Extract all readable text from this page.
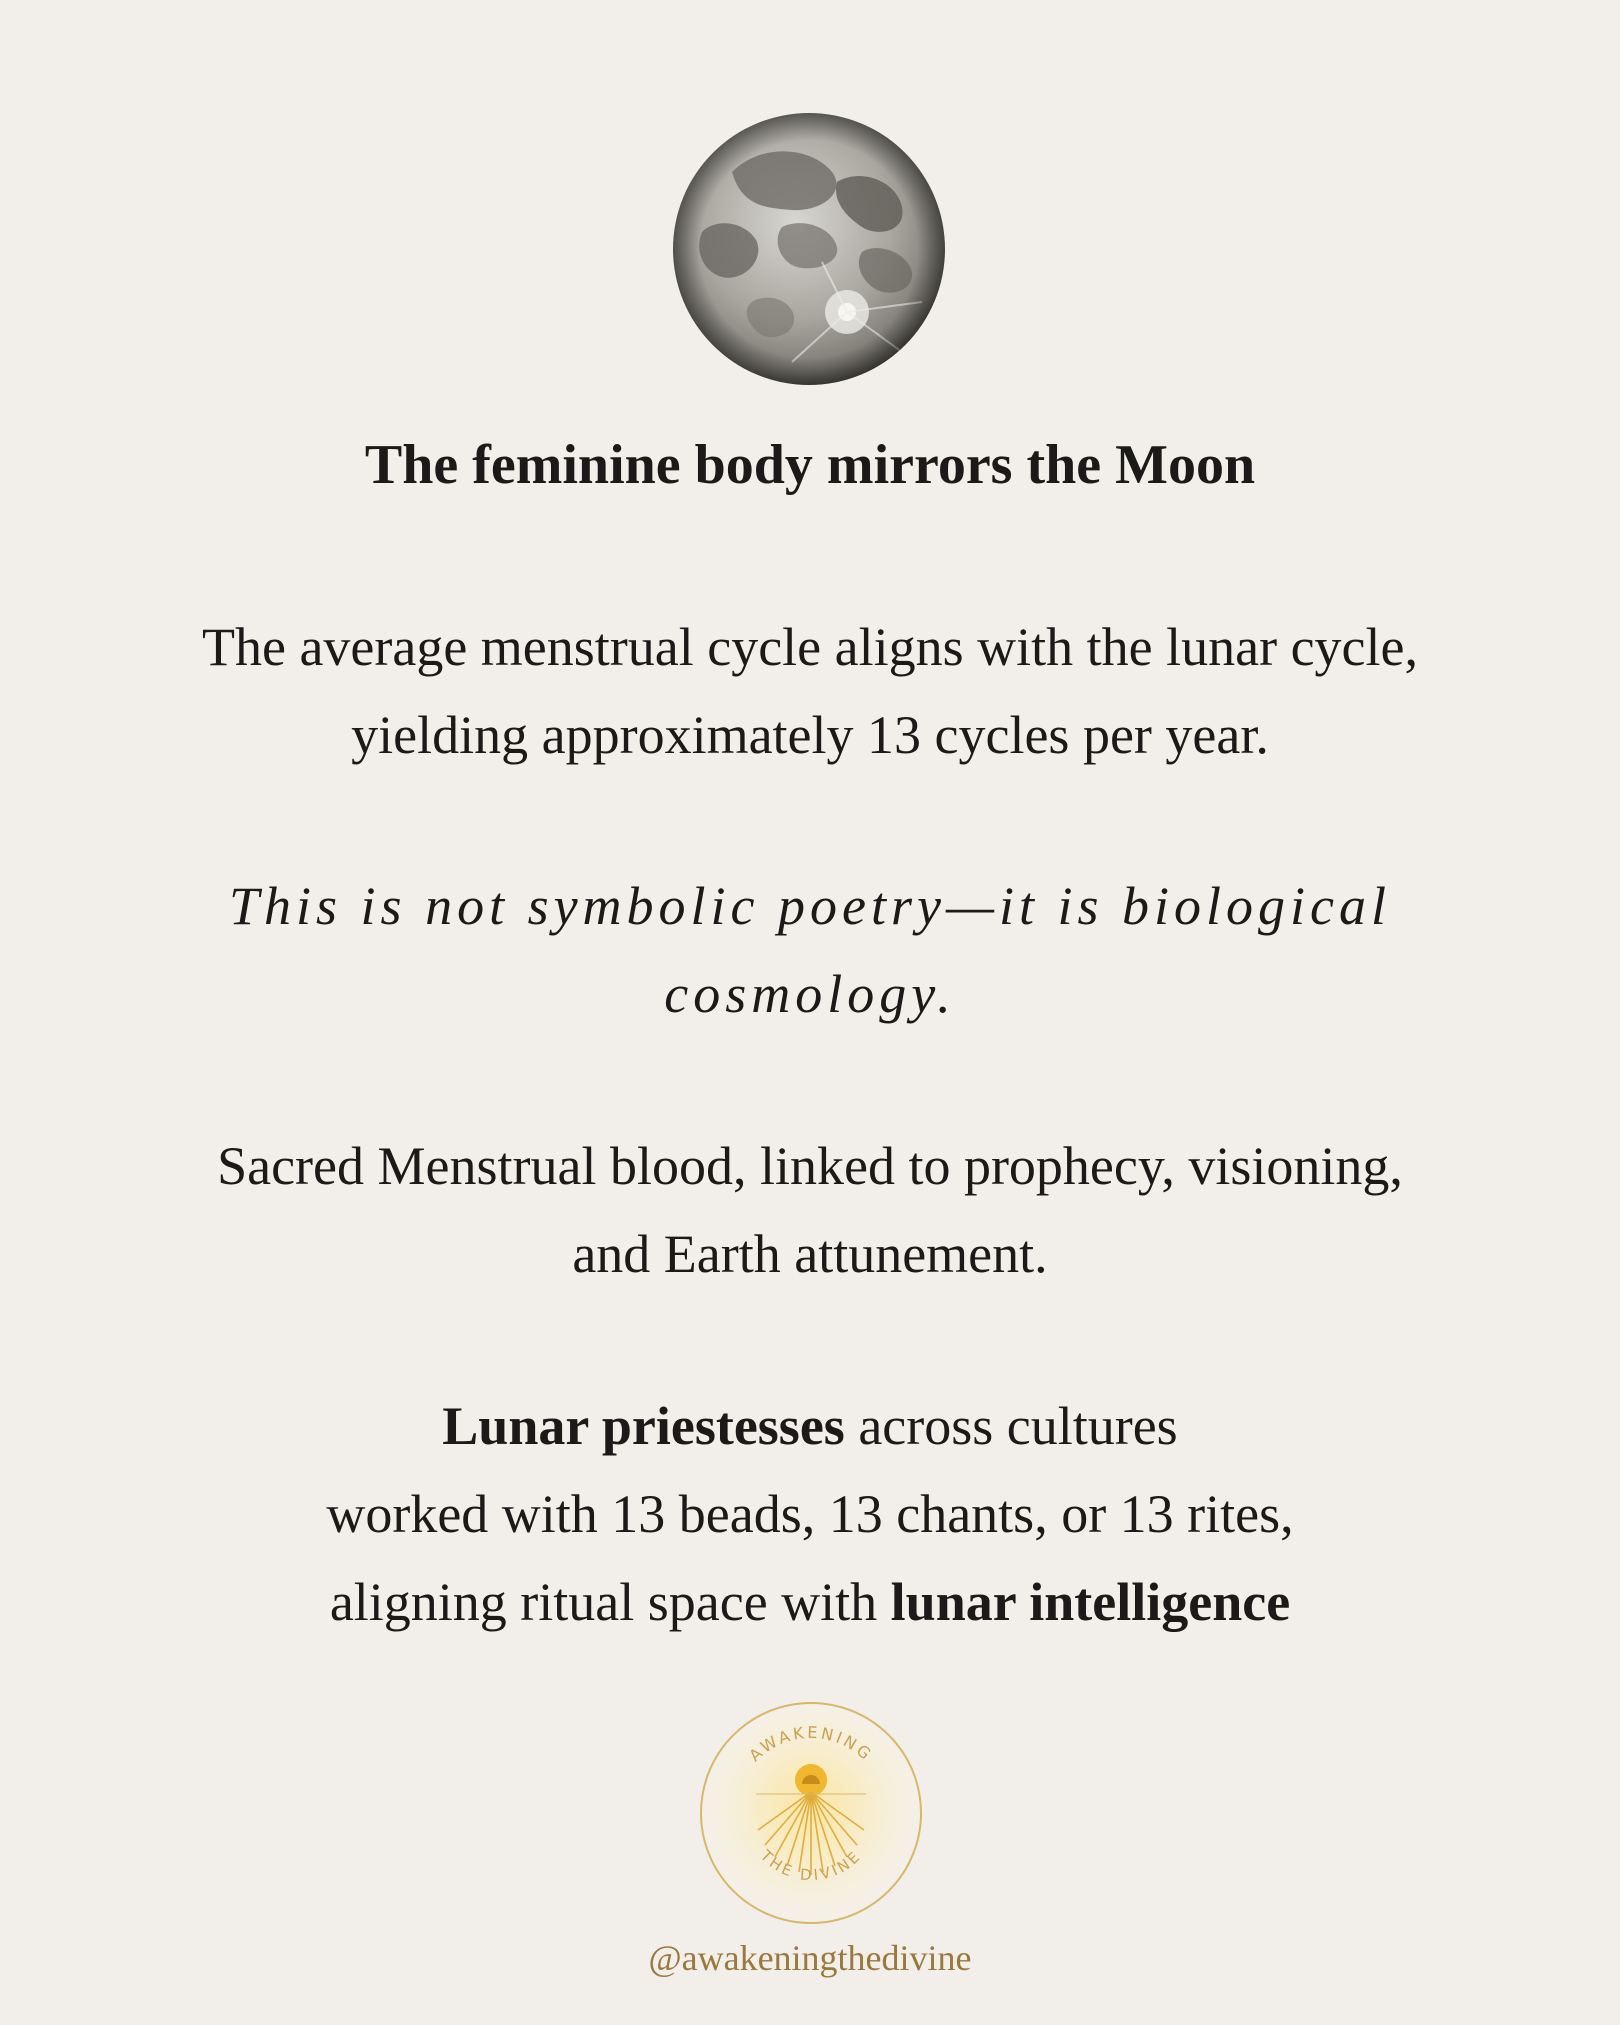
The feminine body mirrors the Moon
The average menstrual cycle aligns with the lunar cycle,
yielding approximately 13 cycles per year.
This is not symbolic poetry—it is biological
cosmology.
Sacred Menstrual blood, linked to prophecy, visioning,
and Earth attunement.
Lunar priestesses across cultures
worked with 13 beads, 13 chants, or 13 rites,
aligning ritual space with lunar intelligence
AWAKENING
THE DIVINE
@awakeningthedivine
